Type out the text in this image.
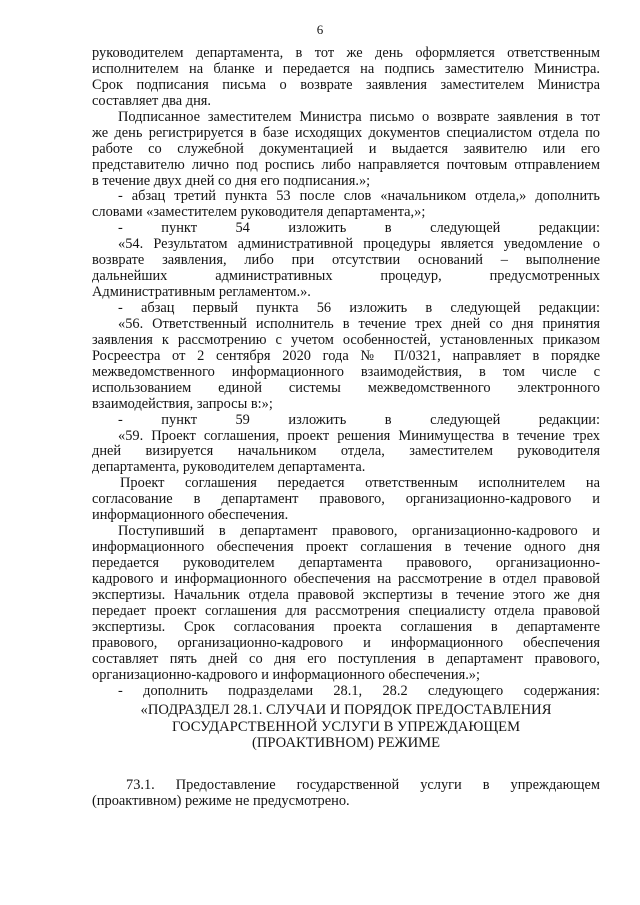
6
руководителем департамента, в тот же день оформляется ответственным
исполнителем на бланке и передается на подпись заместителю Министра.
Срок подписания письма о возврате заявления заместителем Министра
составляет два дня.
Подписанное заместителем Министра письмо о возврате заявления в тот
же день регистрируется в базе исходящих документов специалистом отдела по
работе со служебной документацией и выдается заявителю или его
представителю лично под роспись либо направляется почтовым отправлением
в течение двух дней со дня его подписания.»;
- абзац третий пункта 53 после слов «начальником отдела,» дополнить
словами «заместителем руководителя департамента,»;
- пункт 54 изложить в следующей редакции:
«54. Результатом административной процедуры является уведомление о
возврате заявления, либо при отсутствии оснований – выполнение
дальнейших административных процедур, предусмотренных
Административным регламентом.».
- абзац первый пункта 56 изложить в следующей редакции:
«56. Ответственный исполнитель в течение трех дней со дня принятия
заявления к рассмотрению с учетом особенностей, установленных приказом
Росреестра от 2 сентября 2020 года № П/0321, направляет в порядке
межведомственного информационного взаимодействия, в том числе с
использованием единой системы межведомственного электронного
взаимодействия, запросы в:»;
- пункт 59 изложить в следующей редакции:
«59. Проект соглашения, проект решения Минимущества в течение трех
дней визируется начальником отдела, заместителем руководителя
департамента, руководителем департамента.
Проект соглашения передается ответственным исполнителем на
согласование в департамент правового, организационно-кадрового и
информационного обеспечения.
Поступивший в департамент правового, организационно-кадрового и
информационного обеспечения проект соглашения в течение одного дня
передается руководителем департамента правового, организационно-
кадрового и информационного обеспечения на рассмотрение в отдел правовой
экспертизы. Начальник отдела правовой экспертизы в течение этого же дня
передает проект соглашения для рассмотрения специалисту отдела правовой
экспертизы. Срок согласования проекта соглашения в департаменте
правового, организационно-кадрового и информационного обеспечения
составляет пять дней со дня его поступления в департамент правового,
организационно-кадрового и информационного обеспечения.»;
- дополнить подразделами 28.1, 28.2 следующего содержания:
«ПОДРАЗДЕЛ 28.1. СЛУЧАИ И ПОРЯДОК ПРЕДОСТАВЛЕНИЯ
ГОСУДАРСТВЕННОЙ УСЛУГИ В УПРЕЖДАЮЩЕМ
(ПРОАКТИВНОМ) РЕЖИМЕ
73.1. Предоставление государственной услуги в упреждающем
(проактивном) режиме не предусмотрено.
